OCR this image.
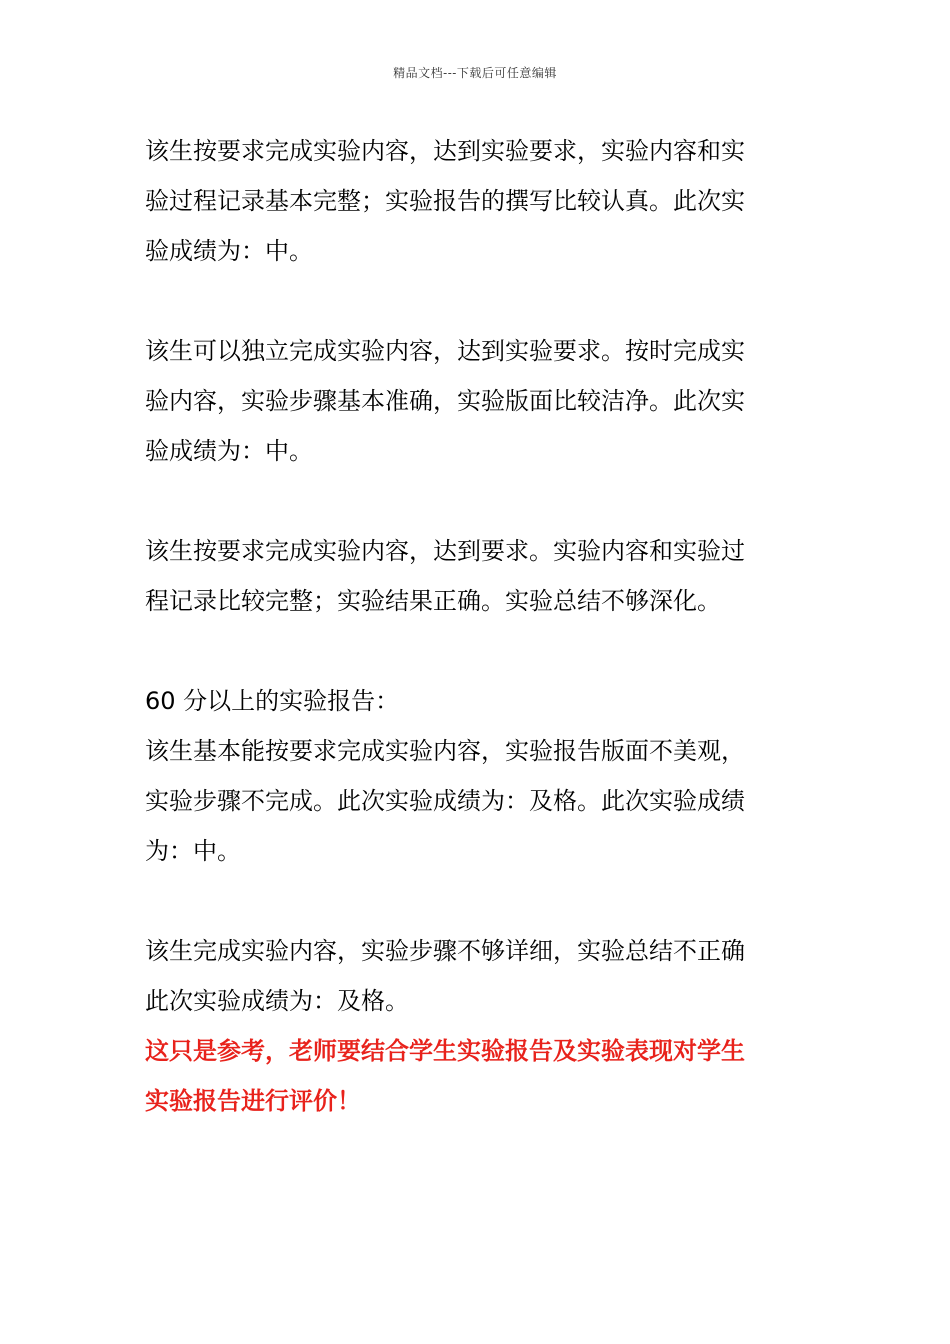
精品文档---下载后可任意编辑

该生按要求完成实验内容，达到实验要求，实验内容和实

验过程记录基本完整；实验报告的撰写比较认真。此次实

验成绩为：中。

该生可以独立完成实验内容，达到实验要求。按时完成实

验内容，实验步骤基本准确，实验版面比较洁净。此次实

验成绩为：中。

该生按要求完成实验内容，达到要求。实验内容和实验过

程记录比较完整；实验结果正确。实验总结不够深化。

60 分以上的实验报告：

该生基本能按要求完成实验内容，实验报告版面不美观，

实验步骤不完成。此次实验成绩为：及格。此次实验成绩

为：中。

该生完成实验内容，实验步骤不够详细，实验总结不正确

此次实验成绩为：及格。

这只是参考，老师要结合学生实验报告及实验表现对学生

实验报告进行评价！
